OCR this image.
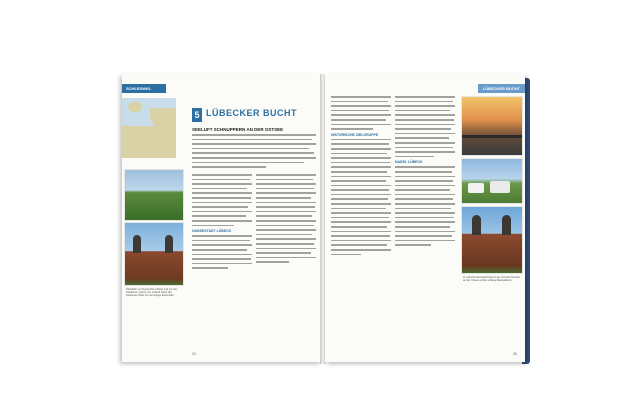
SCHLESWIG-
5 LÜBECKER BUCHT
SEELUFT SCHNUPPERN AN DER OSTSEE
Oberhalb von Neukirchen (links) und vor den Stadttoren (oben) von Lübeck bietet der Holstentor-Platz ein anmutiges Ensemble.
HANSESTADT LÜBECK
24
LÜBECKER BUCHT
HISTORISCHE ZIELGRUPPE
NADEL LÜBECK
In Lübecks Neustadt beginnt die reizvolle Strecke an der Ostsee vorbei entlang Badeplätzen.
25
